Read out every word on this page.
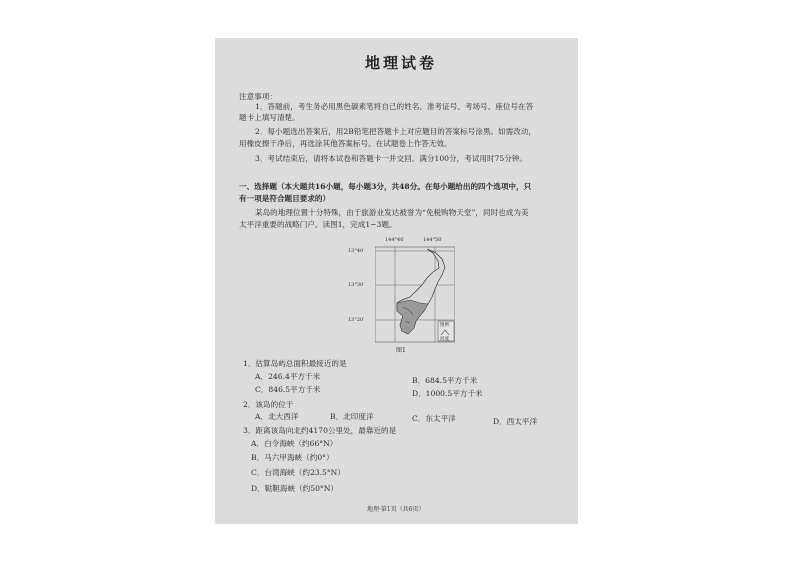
地理试卷
注意事项：
1．答题前，考生务必用黑色碳素笔将自己的姓名、准考证号、考场号、座位号在答
题卡上填写清楚。
2．每小题选出答案后，用2B铅笔把答题卡上对应题目的答案标号涂黑。如需改动，
用橡皮擦干净后，再选涂其他答案标号。在试题卷上作答无效。
3．考试结束后，请将本试卷和答题卡一并交回。满分100分，考试用时75分钟。
一、选择题（本大题共16小题，每小题3分，共48分。在每小题给出的四个选项中，只
有一项是符合题目要求的）
某岛的地理位置十分特殊，由于旅游业发达被誉为“免税购物天堂”，同时也成为美
太平洋重要的战略门户。读图1，完成1~3题。
144°40′	144°50′
13°40′
13°30′
13°20′
图例
河流
图1
1．估算岛屿总面积最接近的是
A．246.4平方千米	B．684.5平方千米
C．846.5平方千米	D．1000.5平方千米
2．该岛的位于
A．北大西洋	B．北印度洋	C．东太平洋	D．西太平洋
3．距离该岛向北约4170公里处，最靠近的是
A．白令海峡（约66°N）
B．马六甲海峡（约0°）
C．台湾海峡（约23.5°N）
D．鞑靼海峡（约50°N）
地理·第1页（共6页）
